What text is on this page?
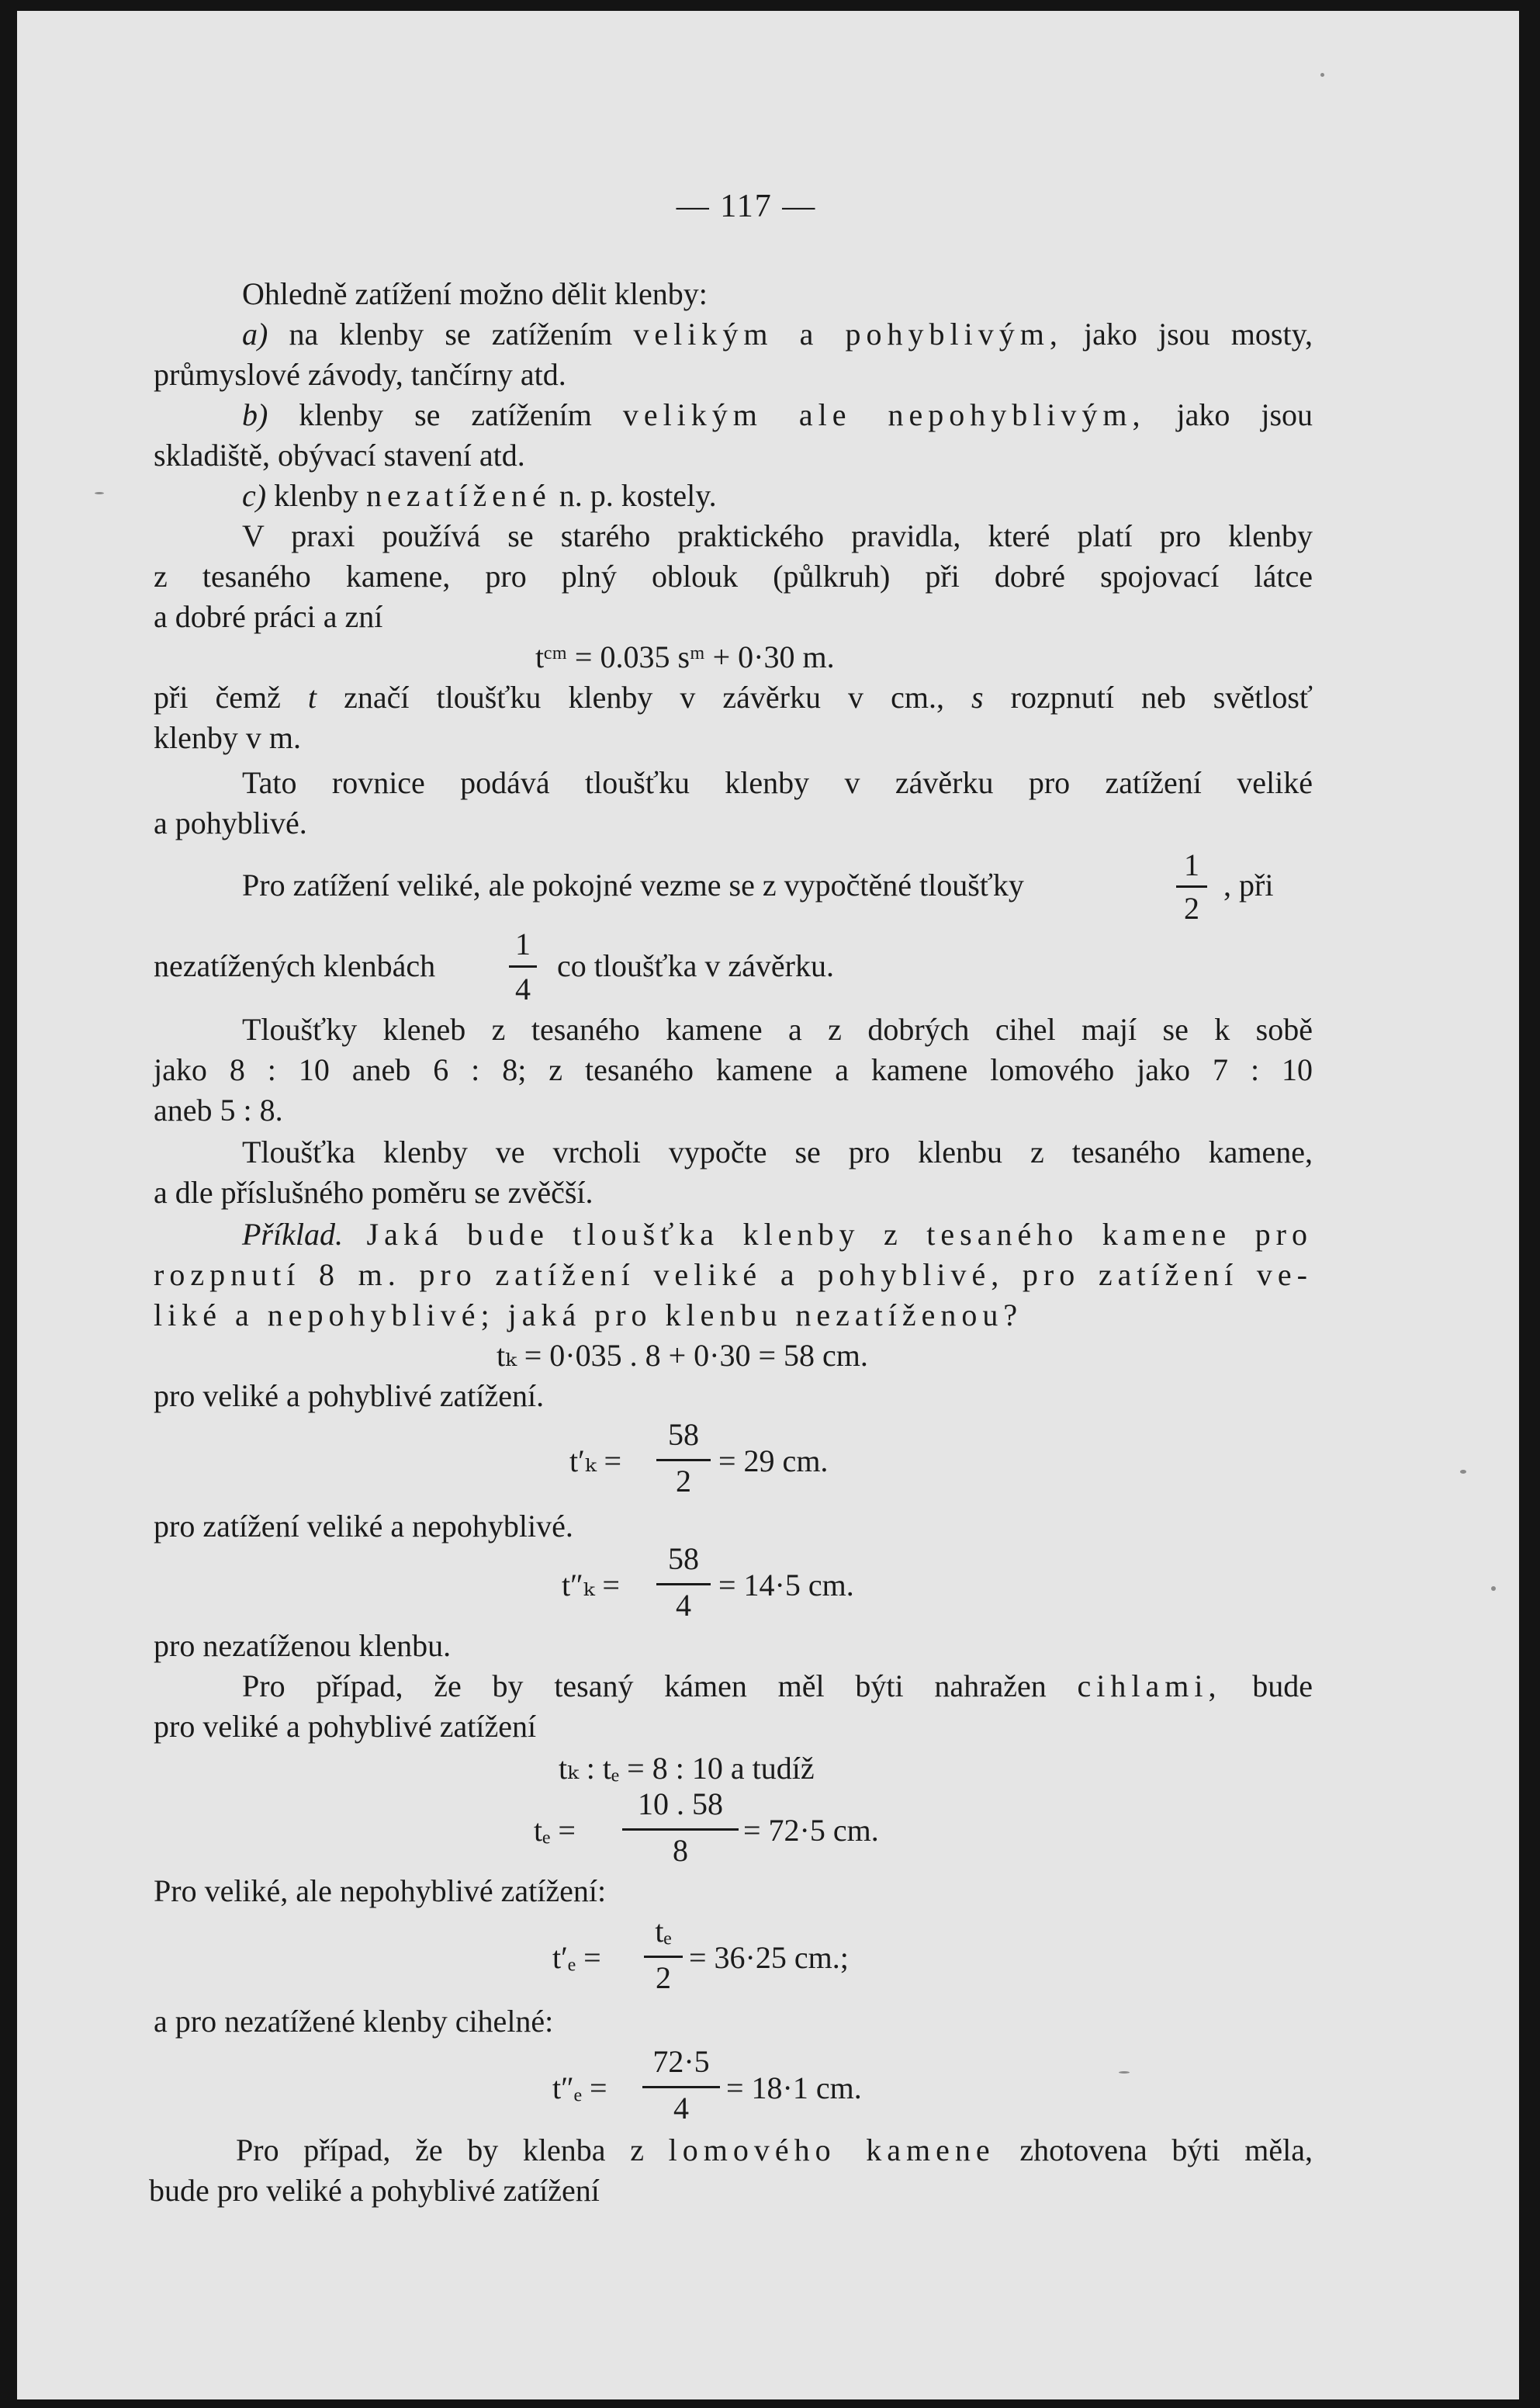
— 117 —
Ohledně zatížení možno dělit klenby:
a) na klenby se zatížením velikým a pohyblivým, jako jsou mosty,
průmyslové závody, tančírny atd.
b) klenby se zatížením velikým ale nepohyblivým, jako jsou
skladiště, obývací stavení atd.
c) klenby nezatížené n. p. kostely.
V praxi používá se starého praktického pravidla, které platí pro klenby
z tesaného kamene, pro plný oblouk (půlkruh) při dobré spojovací látce
a dobré práci a zní
tᶜᵐ = 0.035 sᵐ + 0·30 m.
při čemž t značí tloušťku klenby v závěrku v cm., s rozpnutí neb světlosť
klenby v m.
Tato rovnice podává tloušťku klenby v závěrku pro zatížení veliké
a pohyblivé.
Pro zatížení veliké, ale pokojné vezme se z vypočtěné tloušťky
1
2
, při
nezatížených klenbách
1
4
co tloušťka v závěrku.
Tloušťky kleneb z tesaného kamene a z dobrých cihel mají se k sobě
jako 8 : 10 aneb 6 : 8; z tesaného kamene a kamene lomového jako 7 : 10
aneb 5 : 8.
Tloušťka klenby ve vrcholi vypočte se pro klenbu z tesaného kamene,
a dle příslušného poměru se zvěčší.
Příklad. Jaká bude tloušťka klenby z tesaného kamene pro
rozpnutí 8 m. pro zatížení veliké a pohyblivé, pro zatížení ve-
liké a nepohyblivé; jaká pro klenbu nezatíženou?
tₖ = 0·035 . 8 + 0·30 = 58 cm.
pro veliké a pohyblivé zatížení.
t′ₖ =
58
2
= 29 cm.
pro zatížení veliké a nepohyblivé.
t″ₖ =
58
4
= 14·5 cm.
pro nezatíženou klenbu.
Pro případ, že by tesaný kámen měl býti nahražen cihlami, bude
pro veliké a pohyblivé zatížení
tₖ : tₑ = 8 : 10 a tudíž
tₑ =
10 . 58
8
= 72·5 cm.
Pro veliké, ale nepohyblivé zatížení:
t′ₑ =
tₑ
2
= 36·25 cm.;
a pro nezatížené klenby cihelné:
t″ₑ =
72·5
4
= 18·1 cm.
Pro případ, že by klenba z lomového kamene zhotovena býti měla,
bude pro veliké a pohyblivé zatížení
